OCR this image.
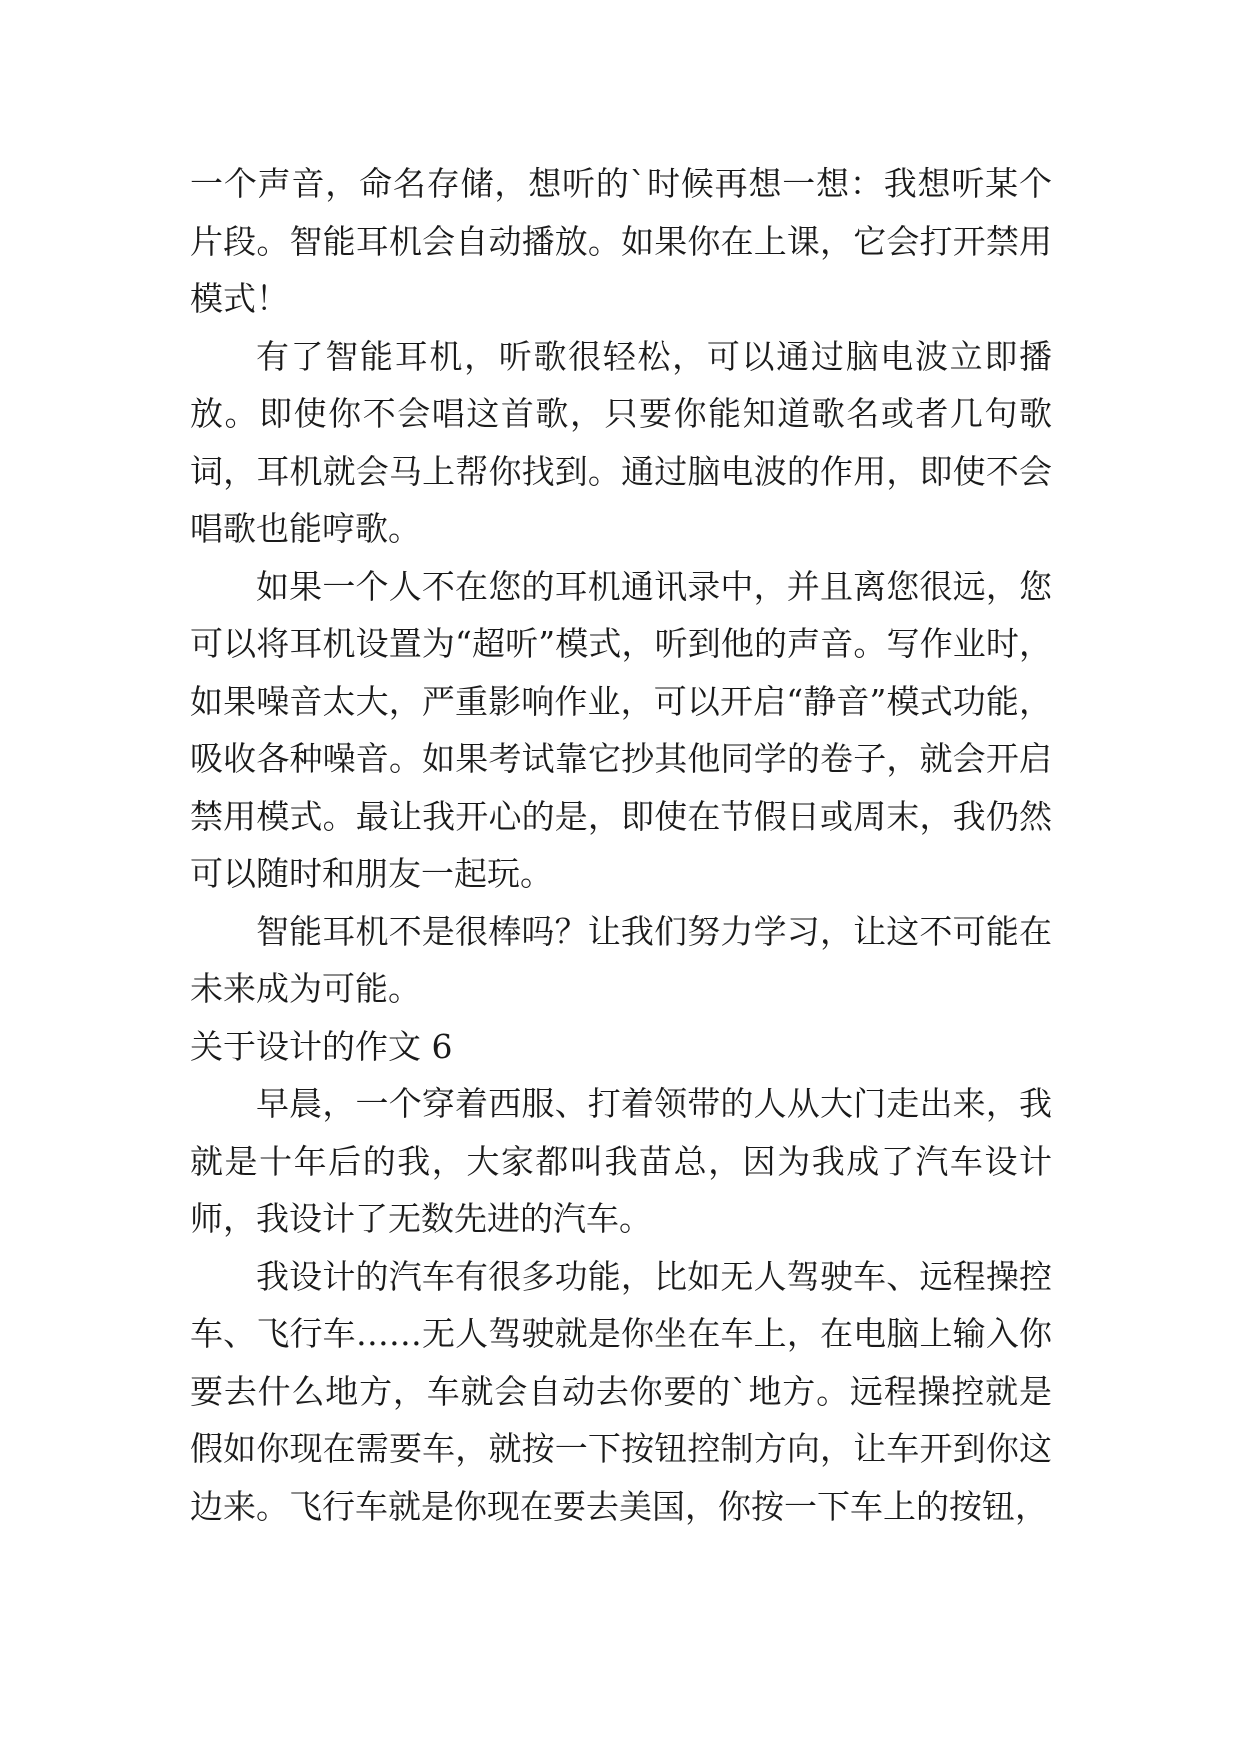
一个声音，命名存储，想听的`时候再想一想：我想听某个片段。智能耳机会自动播放。如果你在上课，它会打开禁用模式！

有了智能耳机，听歌很轻松，可以通过脑电波立即播放。即使你不会唱这首歌，只要你能知道歌名或者几句歌词，耳机就会马上帮你找到。通过脑电波的作用，即使不会唱歌也能哼歌。

如果一个人不在您的耳机通讯录中，并且离您很远，您可以将耳机设置为“超听”模式，听到他的声音。写作业时，如果噪音太大，严重影响作业，可以开启“静音”模式功能，吸收各种噪音。如果考试靠它抄其他同学的卷子，就会开启禁用模式。最让我开心的是，即使在节假日或周末，我仍然可以随时和朋友一起玩。

智能耳机不是很棒吗？让我们努力学习，让这不可能在未来成为可能。

关于设计的作文 6

早晨，一个穿着西服、打着领带的人从大门走出来，我就是十年后的我，大家都叫我苗总，因为我成了汽车设计师，我设计了无数先进的汽车。

我设计的汽车有很多功能，比如无人驾驶车、远程操控车、飞行车……无人驾驶就是你坐在车上，在电脑上输入你要去什么地方，车就会自动去你要的`地方。远程操控就是假如你现在需要车，就按一下按钮控制方向，让车开到你这边来。飞行车就是你现在要去美国，你按一下车上的按钮，
